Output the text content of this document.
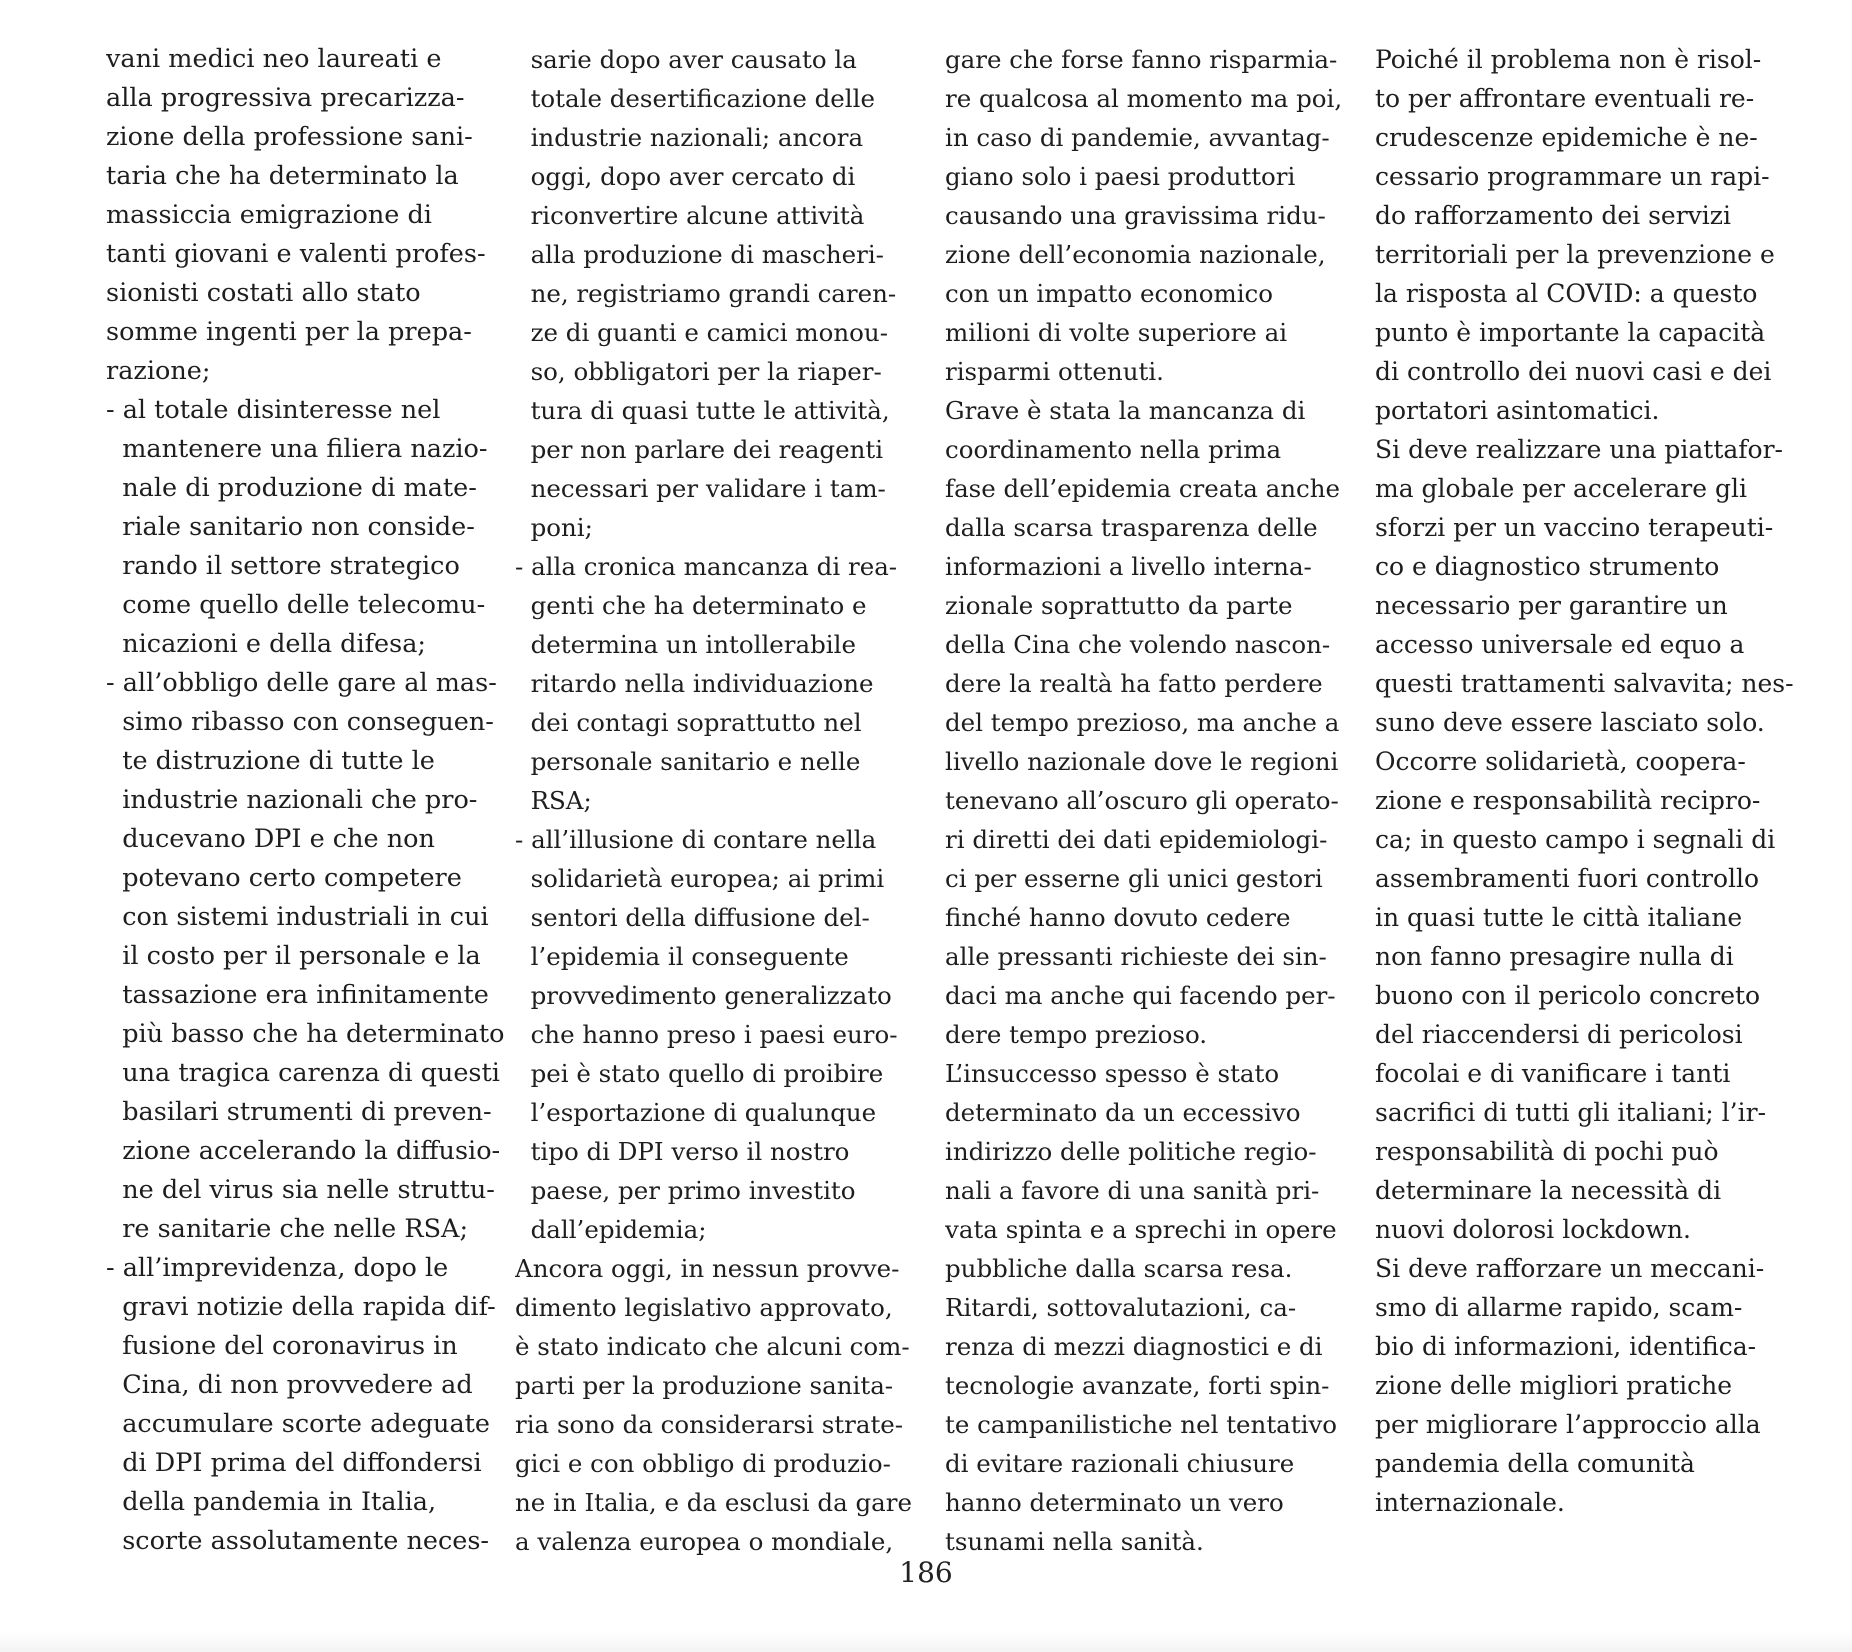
vani medici neo laureati e
alla progressiva precarizza-
zione della professione sani-
taria che ha determinato la
massiccia emigrazione di
tanti giovani e valenti profes-
sionisti costati allo stato
somme ingenti per la prepa-
razione;
- al totale disinteresse nel
mantenere una filiera nazio-
nale di produzione di mate-
riale sanitario non conside-
rando il settore strategico
come quello delle telecomu-
nicazioni e della difesa;
- all’obbligo delle gare al mas-
simo ribasso con conseguen-
te distruzione di tutte le
industrie nazionali che pro-
ducevano DPI e che non
potevano certo competere
con sistemi industriali in cui
il costo per il personale e la
tassazione era infinitamente
più basso che ha determinato
una tragica carenza di questi
basilari strumenti di preven-
zione accelerando la diffusio-
ne del virus sia nelle struttu-
re sanitarie che nelle RSA;
- all’imprevidenza, dopo le
gravi notizie della rapida dif-
fusione del coronavirus in
Cina, di non provvedere ad
accumulare scorte adeguate
di DPI prima del diffondersi
della pandemia in Italia,
scorte assolutamente neces-
sarie dopo aver causato la
totale desertificazione delle
industrie nazionali; ancora
oggi, dopo aver cercato di
riconvertire alcune attività
alla produzione di mascheri-
ne, registriamo grandi caren-
ze di guanti e camici monou-
so, obbligatori per la riaper-
tura di quasi tutte le attività,
per non parlare dei reagenti
necessari per validare i tam-
poni;
- alla cronica mancanza di rea-
genti che ha determinato e
determina un intollerabile
ritardo nella individuazione
dei contagi soprattutto nel
personale sanitario e nelle
RSA;
- all’illusione di contare nella
solidarietà europea; ai primi
sentori della diffusione del-
l’epidemia il conseguente
provvedimento generalizzato
che hanno preso i paesi euro-
pei è stato quello di proibire
l’esportazione di qualunque
tipo di DPI verso il nostro
paese, per primo investito
dall’epidemia;
Ancora oggi, in nessun provve-
dimento legislativo approvato,
è stato indicato che alcuni com-
parti per la produzione sanita-
ria sono da considerarsi strate-
gici e con obbligo di produzio-
ne in Italia, e da esclusi da gare
a valenza europea o mondiale,
gare che forse fanno risparmia-
re qualcosa al momento ma poi,
in caso di pandemie, avvantag-
giano solo i paesi produttori
causando una gravissima ridu-
zione dell’economia nazionale,
con un impatto economico
milioni di volte superiore ai
risparmi ottenuti.
Grave è stata la mancanza di
coordinamento nella prima
fase dell’epidemia creata anche
dalla scarsa trasparenza delle
informazioni a livello interna-
zionale soprattutto da parte
della Cina che volendo nascon-
dere la realtà ha fatto perdere
del tempo prezioso, ma anche a
livello nazionale dove le regioni
tenevano all’oscuro gli operato-
ri diretti dei dati epidemiologi-
ci per esserne gli unici gestori
finché hanno dovuto cedere
alle pressanti richieste dei sin-
daci ma anche qui facendo per-
dere tempo prezioso.
L’insuccesso spesso è stato
determinato da un eccessivo
indirizzo delle politiche regio-
nali a favore di una sanità pri-
vata spinta e a sprechi in opere
pubbliche dalla scarsa resa.
Ritardi, sottovalutazioni, ca-
renza di mezzi diagnostici e di
tecnologie avanzate, forti spin-
te campanilistiche nel tentativo
di evitare razionali chiusure
hanno determinato un vero
tsunami nella sanità.
Poiché il problema non è risol-
to per affrontare eventuali re-
crudescenze epidemiche è ne-
cessario programmare un rapi-
do rafforzamento dei servizi
territoriali per la prevenzione e
la risposta al COVID: a questo
punto è importante la capacità
di controllo dei nuovi casi e dei
portatori asintomatici.
Si deve realizzare una piattafor-
ma globale per accelerare gli
sforzi per un vaccino terapeuti-
co e diagnostico strumento
necessario per garantire un
accesso universale ed equo a
questi trattamenti salvavita; nes-
suno deve essere lasciato solo.
Occorre solidarietà, coopera-
zione e responsabilità recipro-
ca; in questo campo i segnali di
assembramenti fuori controllo
in quasi tutte le città italiane
non fanno presagire nulla di
buono con il pericolo concreto
del riaccendersi di pericolosi
focolai e di vanificare i tanti
sacrifici di tutti gli italiani; l’ir-
responsabilità di pochi può
determinare la necessità di
nuovi dolorosi lockdown.
Si deve rafforzare un meccani-
smo di allarme rapido, scam-
bio di informazioni, identifica-
zione delle migliori pratiche
per migliorare l’approccio alla
pandemia della comunità
internazionale.
186
